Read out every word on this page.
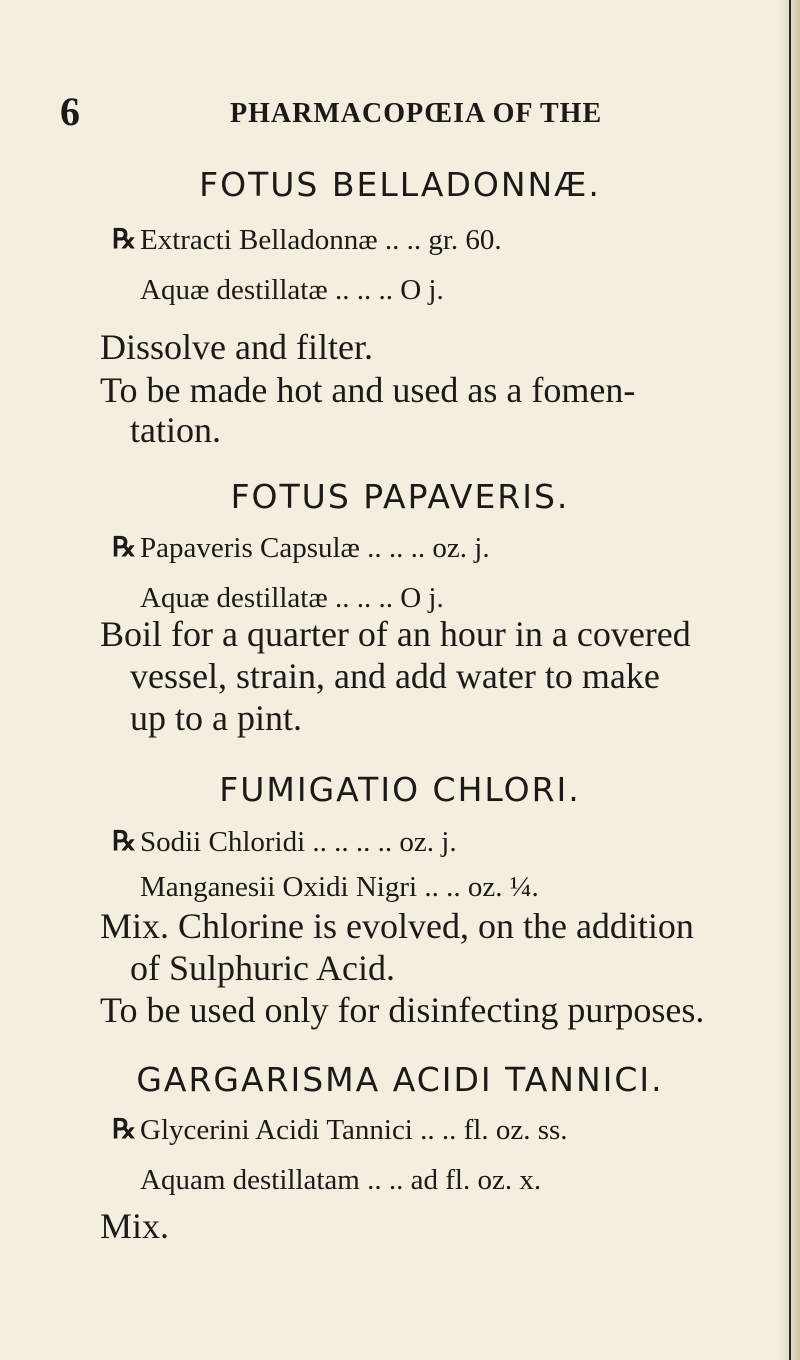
6	PHARMACOPŒIA OF THE
FOTUS BELLADONNÆ.
℞ Extracti Belladonnæ .. .. gr. 60.
Aquæ destillatæ .. .. .. O j.
Dissolve and filter.
To be made hot and used as a fomen-
tation.
FOTUS PAPAVERIS.
℞ Papaveris Capsulæ .. .. .. oz. j.
Aquæ destillatæ .. .. .. O j.
Boil for a quarter of an hour in a covered
vessel, strain, and add water to make
up to a pint.
FUMIGATIO CHLORI.
℞ Sodii Chloridi .. .. .. .. oz. j.
Manganesii Oxidi Nigri .. .. oz. ¼.
Mix. Chlorine is evolved, on the addition
of Sulphuric Acid.
To be used only for disinfecting purposes.
GARGARISMA ACIDI TANNICI.
℞ Glycerini Acidi Tannici .. .. fl. oz. ss.
Aquam destillatam .. .. ad fl. oz. x.
Mix.
